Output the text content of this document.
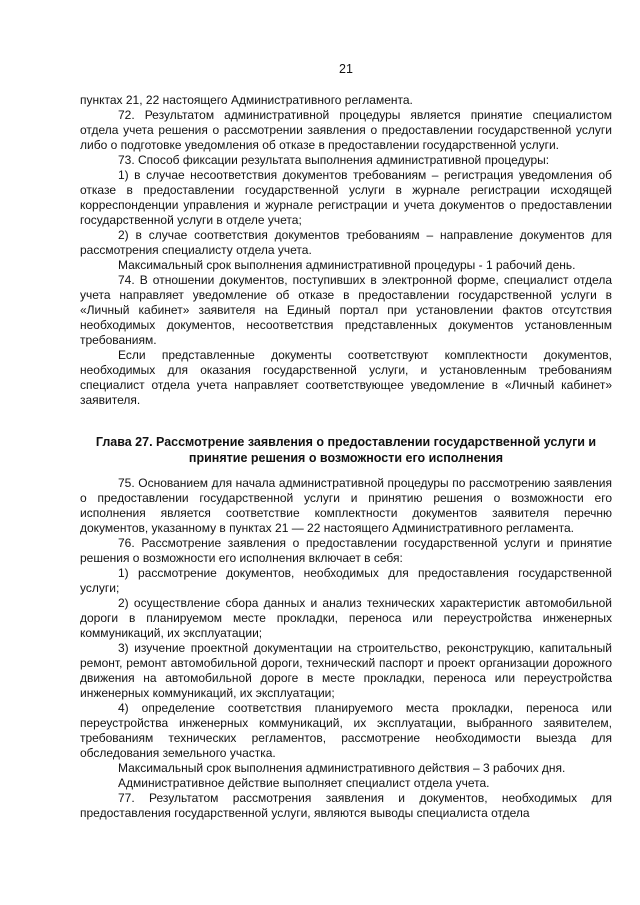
21

пунктах 21, 22 настоящего Административного регламента.

72. Результатом административной процедуры является принятие специалистом отдела учета решения о рассмотрении заявления о предоставлении государственной услуги либо о подготовке уведомления об отказе в предоставлении государственной услуги.

73. Способ фиксации результата выполнения административной процедуры:

1) в случае несоответствия документов требованиям – регистрация уведомления об отказе в предоставлении государственной услуги в журнале регистрации исходящей корреспонденции управления и журнале регистрации и учета документов о предоставлении государственной услуги в отделе учета;

2) в случае соответствия документов требованиям – направление документов для рассмотрения специалисту отдела учета.

Максимальный срок выполнения административной процедуры - 1 рабочий день.

74. В отношении документов, поступивших в электронной форме, специалист отдела учета направляет уведомление об отказе в предоставлении государственной услуги в «Личный кабинет» заявителя на Единый портал при установлении фактов отсутствия необходимых документов, несоответствия представленных документов установленным требованиям.

Если представленные документы соответствуют комплектности документов, необходимых для оказания государственной услуги, и установленным требованиям специалист отдела учета направляет соответствующее уведомление в «Личный кабинет» заявителя.

Глава 27. Рассмотрение заявления о предоставлении государственной услуги и
принятие решения о возможности его исполнения

75. Основанием для начала административной процедуры по рассмотрению заявления о предоставлении государственной услуги и принятию решения о возможности его исполнения является соответствие комплектности документов заявителя перечню документов, указанному в пунктах 21 — 22 настоящего Административного регламента.

76. Рассмотрение заявления о предоставлении государственной услуги и принятие решения о возможности его исполнения включает в себя:

1) рассмотрение документов, необходимых для предоставления государственной услуги;

2) осуществление сбора данных и анализ технических характеристик автомобильной дороги в планируемом месте прокладки, переноса или переустройства инженерных коммуникаций, их эксплуатации;

3) изучение проектной документации на строительство, реконструкцию, капитальный ремонт, ремонт автомобильной дороги, технический паспорт и проект организации дорожного движения на автомобильной дороге в месте прокладки, переноса или переустройства инженерных коммуникаций, их эксплуатации;

4) определение соответствия планируемого места прокладки, переноса или переустройства инженерных коммуникаций, их эксплуатации, выбранного заявителем, требованиям технических регламентов, рассмотрение необходимости выезда для обследования земельного участка.

Максимальный срок выполнения административного действия – 3 рабочих дня.

Административное действие выполняет специалист отдела учета.

77. Результатом рассмотрения заявления и документов, необходимых для предоставления государственной услуги, являются выводы специалиста отдела
